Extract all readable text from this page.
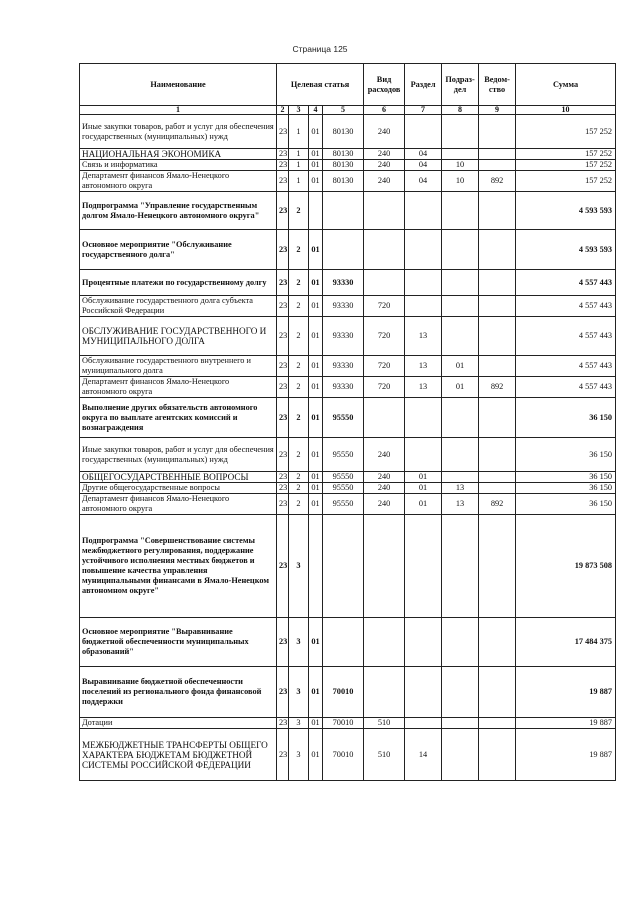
Страница 125
Наименование	Целевая статья				Вид расходов	Раздел	Подраз-дел	Ведом-ство	Сумма
1	2	3	4	5	6	7	8	9	10
Иные закупки товаров, работ и услуг для обеспечения государственных (муниципальных) нужд	23	1	01	80130	240				157 252
НАЦИОНАЛЬНАЯ ЭКОНОМИКА	23	1	01	80130	240	04			157 252
Связь и информатика	23	1	01	80130	240	04	10		157 252
Департамент финансов Ямало-Ненецкого автономного округа	23	1	01	80130	240	04	10	892	157 252
Подпрограмма "Управление государственным долгом Ямало-Ненецкого автономного округа"	23	2							4 593 593
Основное мероприятие "Обслуживание государственного долга"	23	2	01						4 593 593
Процентные платежи по государственному долгу	23	2	01	93330					4 557 443
Обслуживание государственного долга субъекта Российской Федерации	23	2	01	93330	720				4 557 443
ОБСЛУЖИВАНИЕ ГОСУДАРСТВЕННОГО И МУНИЦИПАЛЬНОГО ДОЛГА	23	2	01	93330	720	13			4 557 443
Обслуживание государственного внутреннего и муниципального долга	23	2	01	93330	720	13	01		4 557 443
Департамент финансов Ямало-Ненецкого автономного округа	23	2	01	93330	720	13	01	892	4 557 443
Выполнение других обязательств автономного округа по выплате агентских комиссий и вознаграждения	23	2	01	95550					36 150
Иные закупки товаров, работ и услуг для обеспечения государственных (муниципальных) нужд	23	2	01	95550	240				36 150
ОБЩЕГОСУДАРСТВЕННЫЕ ВОПРОСЫ	23	2	01	95550	240	01			36 150
Другие общегосударственные вопросы	23	2	01	95550	240	01	13		36 150
Департамент финансов Ямало-Ненецкого автономного округа	23	2	01	95550	240	01	13	892	36 150
Подпрограмма "Совершенствование системы межбюджетного регулирования, поддержание устойчивого исполнения местных бюджетов и повышение качества управления муниципальными финансами в Ямало-Ненецком автономном округе"	23	3							19 873 508
Основное мероприятие "Выравнивание бюджетной обеспеченности муниципальных образований"	23	3	01						17 484 375
Выравнивание бюджетной обеспеченности поселений из регионального фонда финансовой поддержки	23	3	01	70010					19 887
Дотации	23	3	01	70010	510				19 887
МЕЖБЮДЖЕТНЫЕ ТРАНСФЕРТЫ ОБЩЕГО ХАРАКТЕРА БЮДЖЕТАМ БЮДЖЕТНОЙ СИСТЕМЫ РОССИЙСКОЙ ФЕДЕРАЦИИ	23	3	01	70010	510	14			19 887
